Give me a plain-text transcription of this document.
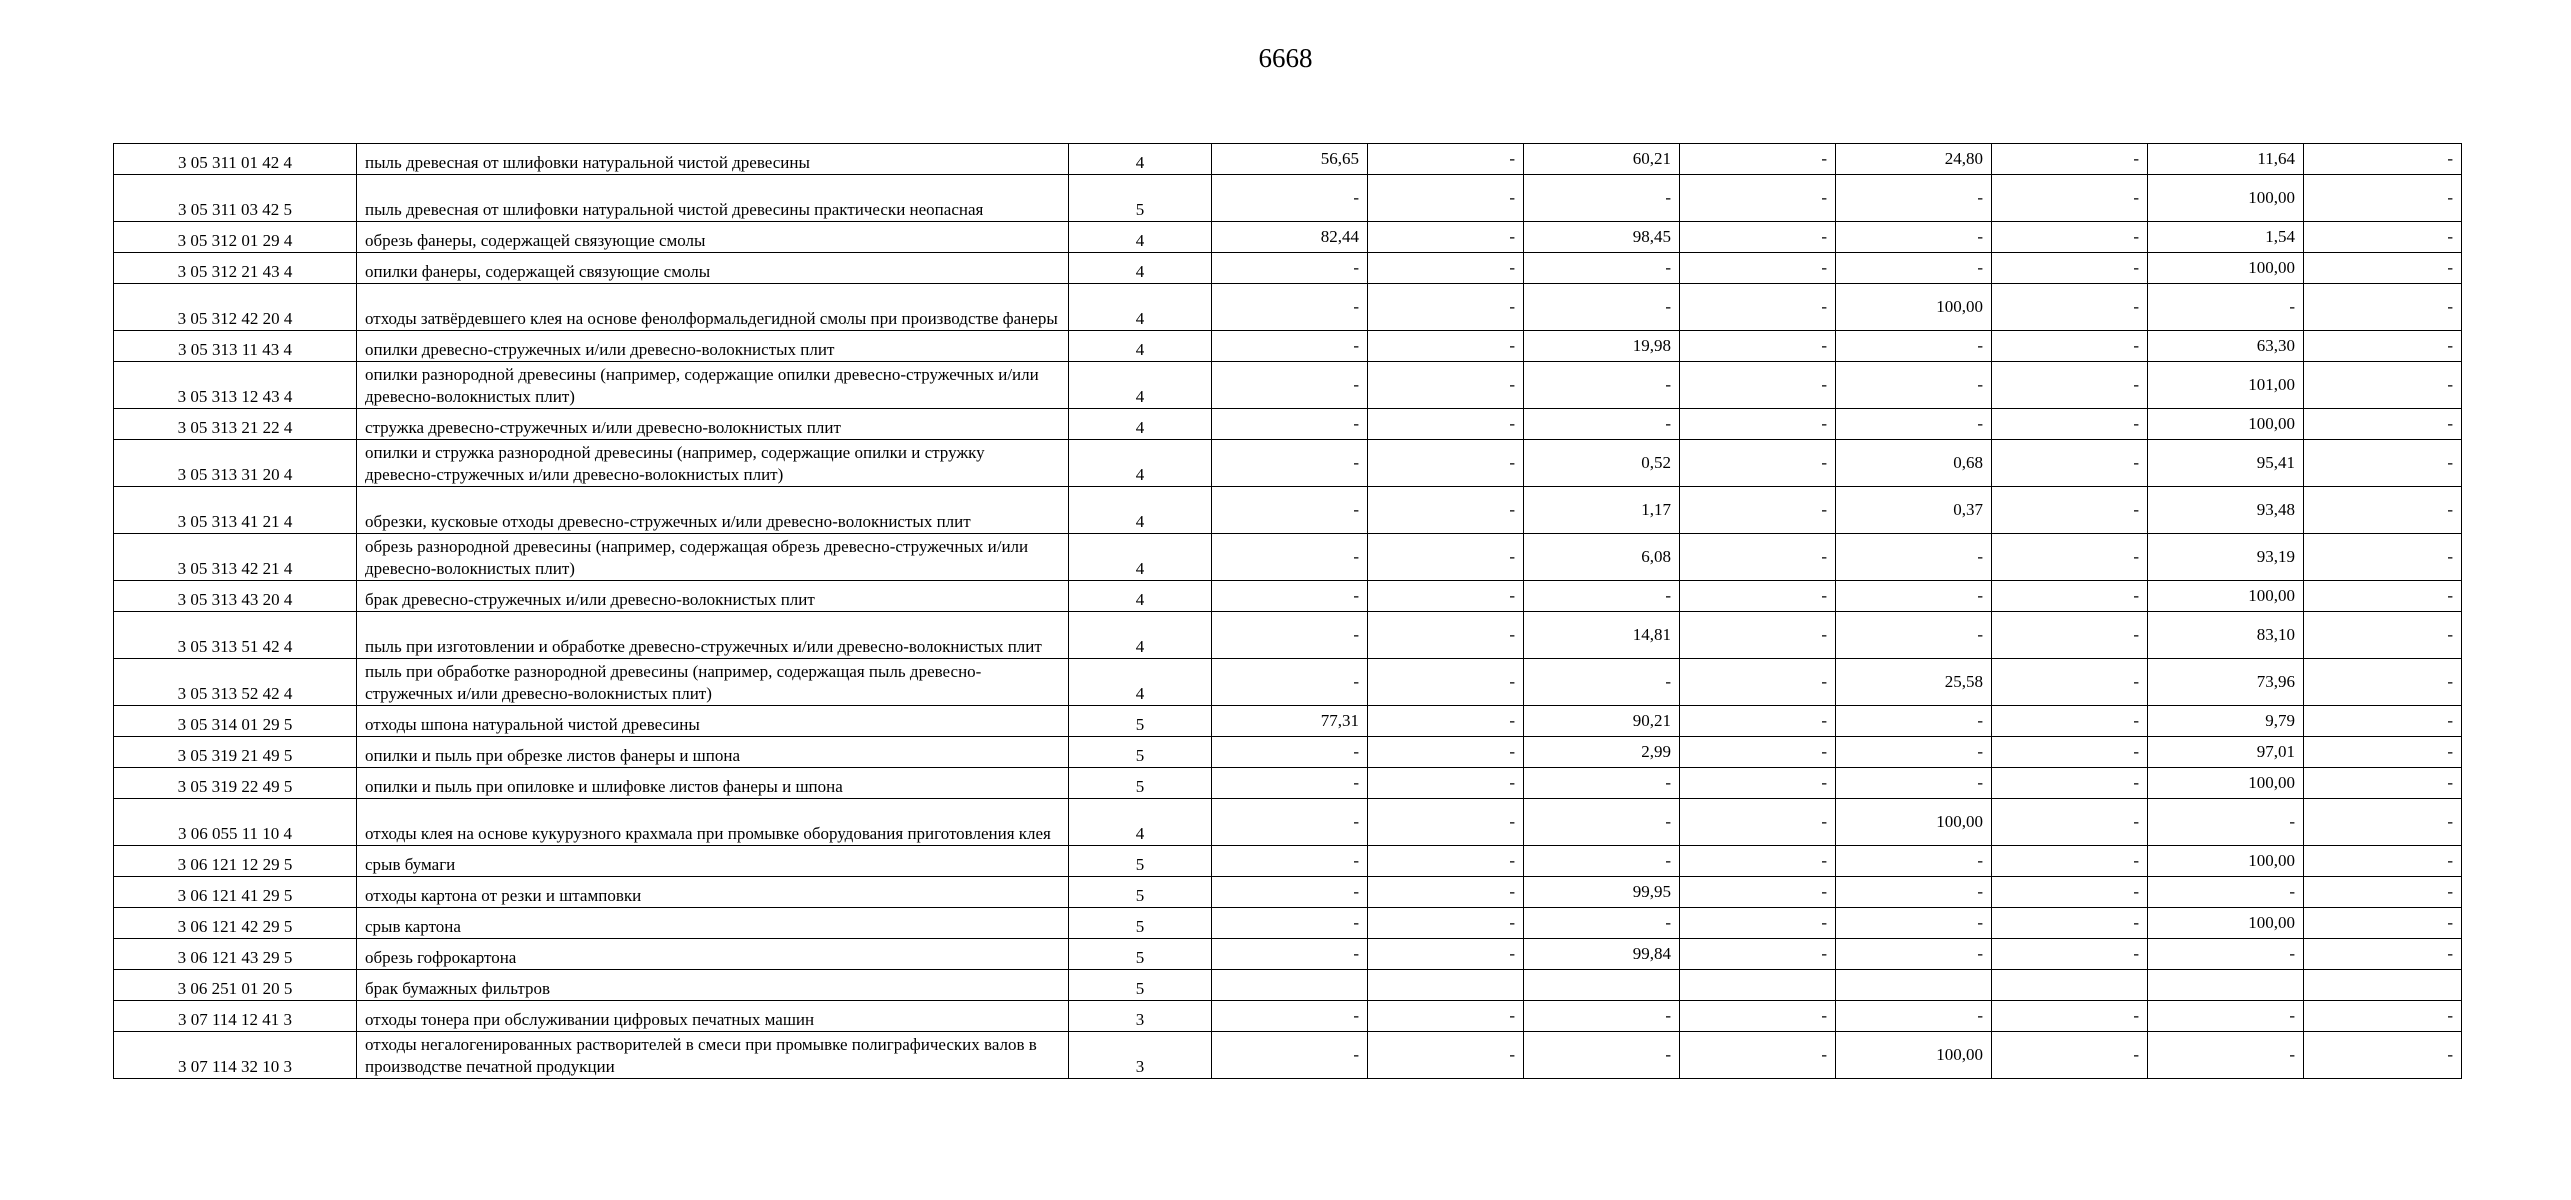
6668
3 05 311 01 42 4	пыль древесная от шлифовки натуральной чистой древесины	4	56,65	-	60,21	-	24,80	-	11,64	-
3 05 311 03 42 5	пыль древесная от шлифовки натуральной чистой древесины практически неопасная	5	-	-	-	-	-	-	100,00	-
3 05 312 01 29 4	обрезь фанеры, содержащей связующие смолы	4	82,44	-	98,45	-	-	-	1,54	-
3 05 312 21 43 4	опилки фанеры, содержащей связующие смолы	4	-	-	-	-	-	-	100,00	-
3 05 312 42 20 4	отходы затвёрдевшего клея на основе фенолформальдегидной смолы при производстве фанеры	4	-	-	-	-	100,00	-	-	-
3 05 313 11 43 4	опилки древесно-стружечных и/или древесно-волокнистых плит	4	-	-	19,98	-	-	-	63,30	-
3 05 313 12 43 4	опилки разнородной древесины (например, содержащие опилки древесно-стружечных и/или древесно-волокнистых плит)	4	-	-	-	-	-	-	101,00	-
3 05 313 21 22 4	стружка древесно-стружечных и/или древесно-волокнистых плит	4	-	-	-	-	-	-	100,00	-
3 05 313 31 20 4	опилки и стружка разнородной древесины (например, содержащие опилки и стружку древесно-стружечных и/или древесно-волокнистых плит)	4	-	-	0,52	-	0,68	-	95,41	-
3 05 313 41 21 4	обрезки, кусковые отходы древесно-стружечных и/или древесно-волокнистых плит	4	-	-	1,17	-	0,37	-	93,48	-
3 05 313 42 21 4	обрезь разнородной древесины (например, содержащая обрезь древесно-стружечных и/или древесно-волокнистых плит)	4	-	-	6,08	-	-	-	93,19	-
3 05 313 43 20 4	брак древесно-стружечных и/или древесно-волокнистых плит	4	-	-	-	-	-	-	100,00	-
3 05 313 51 42 4	пыль при изготовлении и обработке древесно-стружечных и/или древесно-волокнистых плит	4	-	-	14,81	-	-	-	83,10	-
3 05 313 52 42 4	пыль при обработке разнородной древесины (например, содержащая пыль древесно-стружечных и/или древесно-волокнистых плит)	4	-	-	-	-	25,58	-	73,96	-
3 05 314 01 29 5	отходы шпона натуральной чистой древесины	5	77,31	-	90,21	-	-	-	9,79	-
3 05 319 21 49 5	опилки и пыль при обрезке листов фанеры и шпона	5	-	-	2,99	-	-	-	97,01	-
3 05 319 22 49 5	опилки и пыль при опиловке и шлифовке листов фанеры и шпона	5	-	-	-	-	-	-	100,00	-
3 06 055 11 10 4	отходы клея на основе кукурузного крахмала при промывке оборудования приготовления клея	4	-	-	-	-	100,00	-	-	-
3 06 121 12 29 5	срыв бумаги	5	-	-	-	-	-	-	100,00	-
3 06 121 41 29 5	отходы картона от резки и штамповки	5	-	-	99,95	-	-	-	-	-
3 06 121 42 29 5	срыв картона	5	-	-	-	-	-	-	100,00	-
3 06 121 43 29 5	обрезь гофрокартона	5	-	-	99,84	-	-	-	-	-
3 06 251 01 20 5	брак бумажных фильтров	5								
3 07 114 12 41 3	отходы тонера при обслуживании цифровых печатных машин	3	-	-	-	-	-	-	-	-
3 07 114 32 10 3	отходы негалогенированных растворителей в смеси при промывке полиграфических валов в производстве печатной продукции	3	-	-	-	-	100,00	-	-	-
